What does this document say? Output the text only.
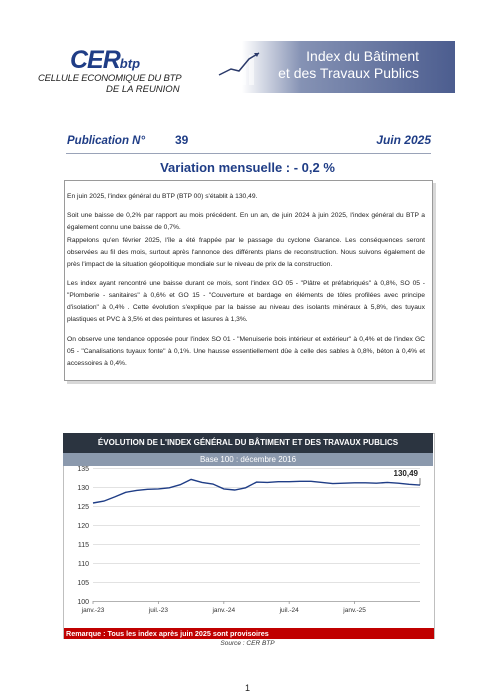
CERbtp
CELLULE ECONOMIQUE DU BTP
DE LA REUNION
Index du Bâtiment
et des Travaux Publics
Publication N° 39	Juin 2025
Variation mensuelle : - 0,2 %
En juin 2025, l'index général du BTP (BTP 00) s'établit à 130,49.
Soit une baisse de 0,2% par rapport au mois précédent. En un an, de juin 2024 à juin 2025, l'index général du BTP a également connu une baisse de 0,7%.
Rappelons qu'en février 2025, l'île a été frappée par le passage du cyclone Garance. Les conséquences seront observées au fil des mois, surtout après l'annonce des différents plans de reconstruction. Nous suivons également de près l'impact de la situation géopolitique mondiale sur le niveau de prix de la construction.
Les index ayant rencontré une baisse durant ce mois, sont l'index GO 05 - "Plâtre et préfabriqués" à 0,8%, SO 05 - "Plomberie - sanitaires" à 0,6% et GO 15 - "Couverture et bardage en éléments de tôles profilées avec principe d'isolation" à 0,4% . Cette évolution s'explique par la baisse au niveau des isolants minéraux à 5,8%, des tuyaux plastiques et PVC à 3,5% et des peintures et lasures à 1,3%.
On observe une tendance opposée pour l'index SO 01 - "Menuiserie bois intérieur et extérieur" à 0,4% et de l'index GC 05 - "Canalisations tuyaux fonte" à 0,1%. Une hausse essentiellement dûe à celle des sables à 0,8%, béton à 0,4% et accessoires à 0,4%.
ÉVOLUTION DE L'INDEX GÉNÉRAL DU BÂTIMENT ET DES TRAVAUX PUBLICS
Base 100 : décembre 2016
100
105
110
115
120
125
130
135
janv.-23	juil.-23	janv.-24	juil.-24	janv.-25
130,49
Remarque : Tous les index après juin 2025 sont provisoires
Source : CER BTP
1
